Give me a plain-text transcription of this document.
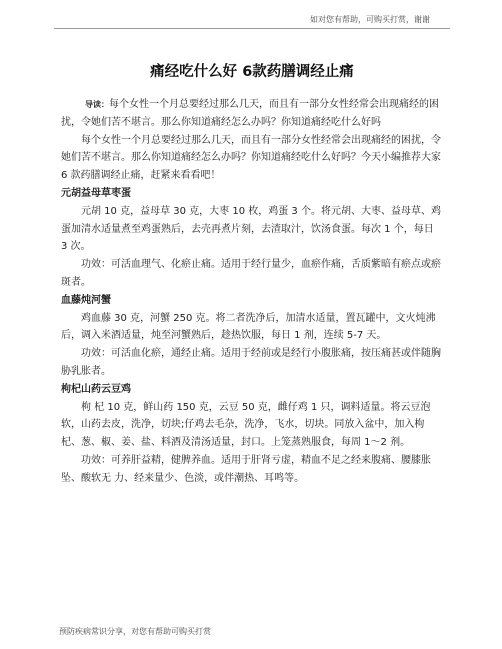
如对您有帮助，可购买打赏，谢谢

痛经吃什么好 6款药膳调经止痛

导读：每个女性一个月总要经过那么几天，而且有一部分女性经常会出现痛经的困扰，令她们苦不堪言。那么你知道痛经怎么办吗？你知道痛经吃什么好吗

每个女性一个月总要经过那么几天，而且有一部分女性经常会出现痛经的困扰，令她们苦不堪言。那么你知道痛经怎么办吗？你知道痛经吃什么好吗？今天小编推荐大家 6 款药膳调经止痛，赶紧来看看吧！

元胡益母草枣蛋

元胡 10 克，益母草 30 克，大枣 10 枚，鸡蛋 3 个。将元胡、大枣、益母草、鸡蛋加清水适量煮至鸡蛋熟后，去壳再煮片刻，去渣取汁，饮汤食蛋。每次 1 个，每日 3 次。

功效：可活血理气、化瘀止痛。适用于经行量少，血瘀作痛，舌质紫暗有瘀点或瘀斑者。

血藤炖河蟹

鸡血藤 30 克，河蟹 250 克。将二者洗净后，加清水适量，置瓦罐中，文火炖沸后，调入米酒适量，炖至河蟹熟后，趁热饮服，每日 1 剂，连续 5-7 天。

功效：可活血化瘀，通经止痛。适用于经前或是经行小腹胀痛，按压痛甚或伴随胸胁乳胀者。

枸杞山药云豆鸡

枸 杞 10 克，鲜山药 150 克，云豆 50 克，雌仔鸡 1 只，调料适量。将云豆泡软，山药去皮，洗净，切块;仔鸡去毛杂，洗净，飞水，切块。同放入盆中，加入枸 杞、葱、椒、姜、盐、料酒及清汤适量，封口。上笼蒸熟服食，每周 1～2 剂。

功效：可养肝益精，健脾养血。适用于肝肾亏虚，精血不足之经来腹痛、腰膝胀坠、酸软无 力、经来量少、色淡，或伴潮热、耳鸣等。

预防疾病常识分享，对您有帮助可购买打赏
